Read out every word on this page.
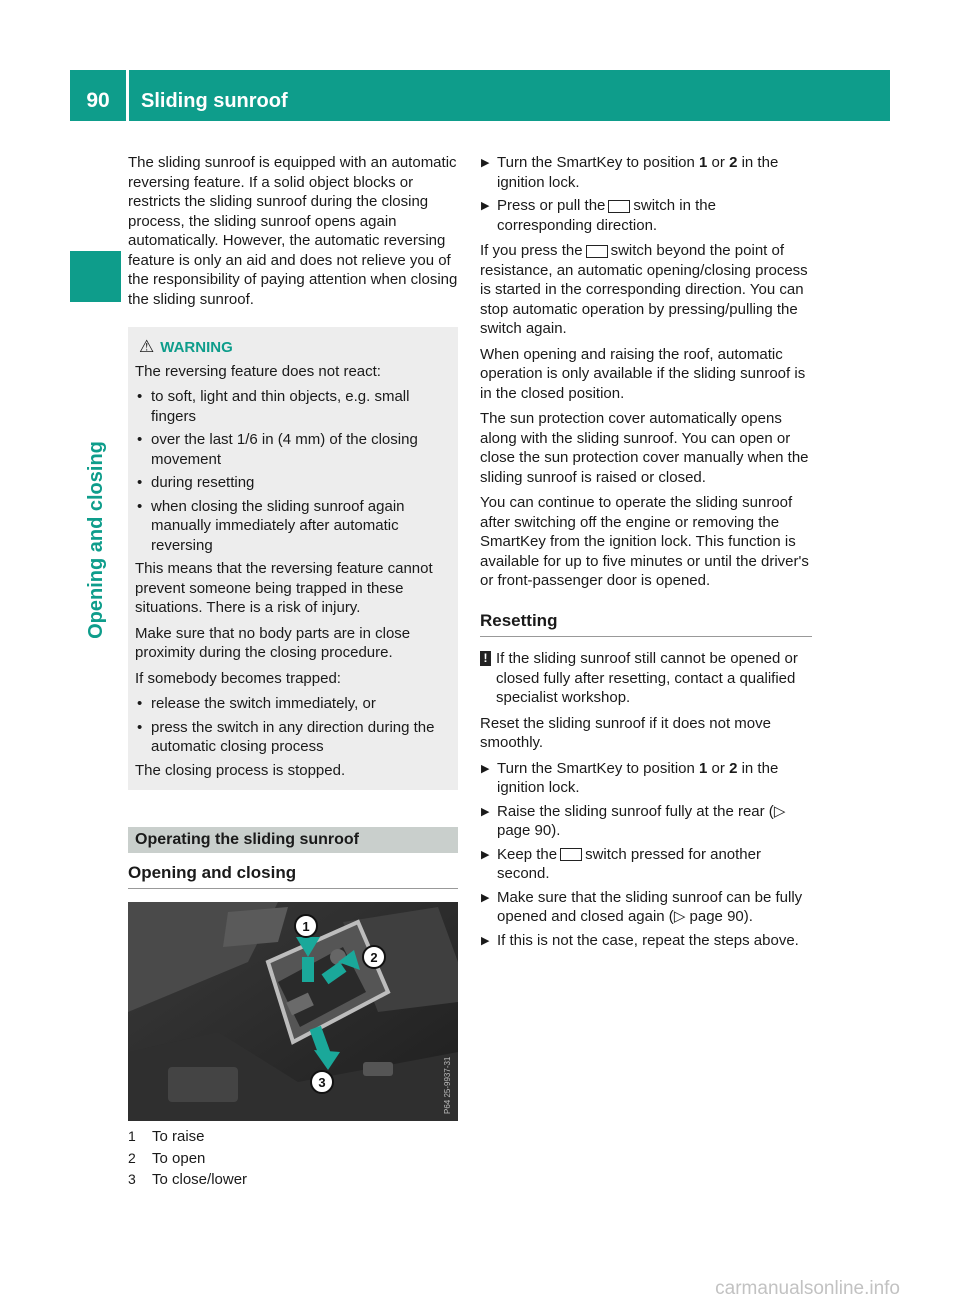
90	Sliding sunroof
Opening and closing

The sliding sunroof is equipped with an automatic reversing feature. If a solid object blocks or restricts the sliding sunroof during the closing process, the sliding sunroof opens again automatically. However, the automatic reversing feature is only an aid and does not relieve you of the responsibility of paying attention when closing the sliding sunroof.

⚠ WARNING

The reversing feature does not react:

• to soft, light and thin objects, e.g. small fingers
• over the last 1/6 in (4 mm) of the closing movement
• during resetting
• when closing the sliding sunroof again manually immediately after automatic reversing

This means that the reversing feature cannot prevent someone being trapped in these situations. There is a risk of injury.

Make sure that no body parts are in close proximity during the closing procedure.

If somebody becomes trapped:

• release the switch immediately, or
• press the switch in any direction during the automatic closing process

The closing process is stopped.

Operating the sliding sunroof
Opening and closing
1
2
3	P64 25-9937-31
1	To raise
2	To open
3	To close/lower
▶ Turn the SmartKey to position 1 or 2 in the ignition lock.
▶ Press or pull the switch in the corresponding direction.

If you press the switch beyond the point of resistance, an automatic opening/closing process is started in the corresponding direction. You can stop automatic operation by pressing/pulling the switch again.

When opening and raising the roof, automatic operation is only available if the sliding sunroof is in the closed position.

The sun protection cover automatically opens along with the sliding sunroof. You can open or close the sun protection cover manually when the sliding sunroof is raised or closed.

You can continue to operate the sliding sunroof after switching off the engine or removing the SmartKey from the ignition lock. This function is available for up to five minutes or until the driver's or front-passenger door is opened.

Resetting
! If the sliding sunroof still cannot be opened or closed fully after resetting, contact a qualified specialist workshop.

Reset the sliding sunroof if it does not move smoothly.

▶ Turn the SmartKey to position 1 or 2 in the ignition lock.
▶ Raise the sliding sunroof fully at the rear (▷ page 90).
▶ Keep the switch pressed for another second.
▶ Make sure that the sliding sunroof can be fully opened and closed again (▷ page 90).
▶ If this is not the case, repeat the steps above.
carmanualsonline.info
